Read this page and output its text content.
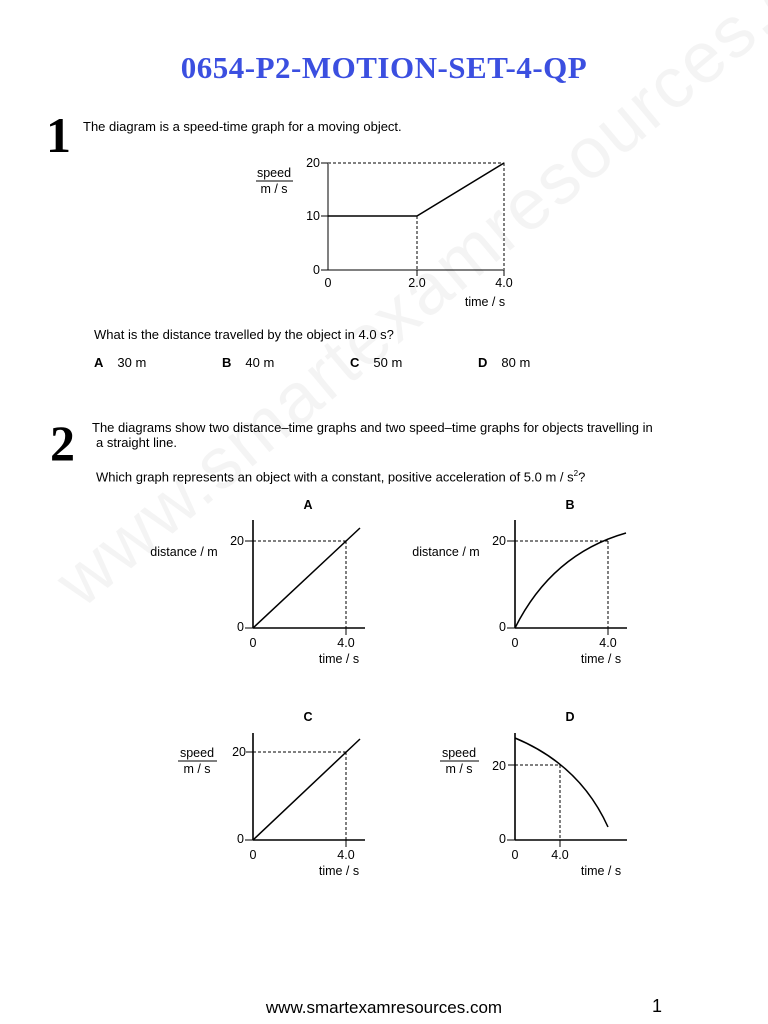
0654-P2-MOTION-SET-4-QP
1 The diagram is a speed-time graph for a moving object.
speed
m / s
20
10
0
0	2.0	4.0
time / s
What is the distance travelled by the object in 4.0 s?
A 30 m	B 40 m	C 50 m	D 80 m
2 The diagrams show two distance–time graphs and two speed–time graphs for objects travelling in
a straight line.
Which graph represents an object with a constant, positive acceleration of 5.0 m / $s^2$?
A
distance / m
20
0
0	4.0
time / s
B
distance / m
20
0
0	4.0
time / s
C
speed
m / s
20
0
0	4.0
time / s
D
speed
m / s 20
0
0	4.0
time / s
www.smartexamresources.com	1
